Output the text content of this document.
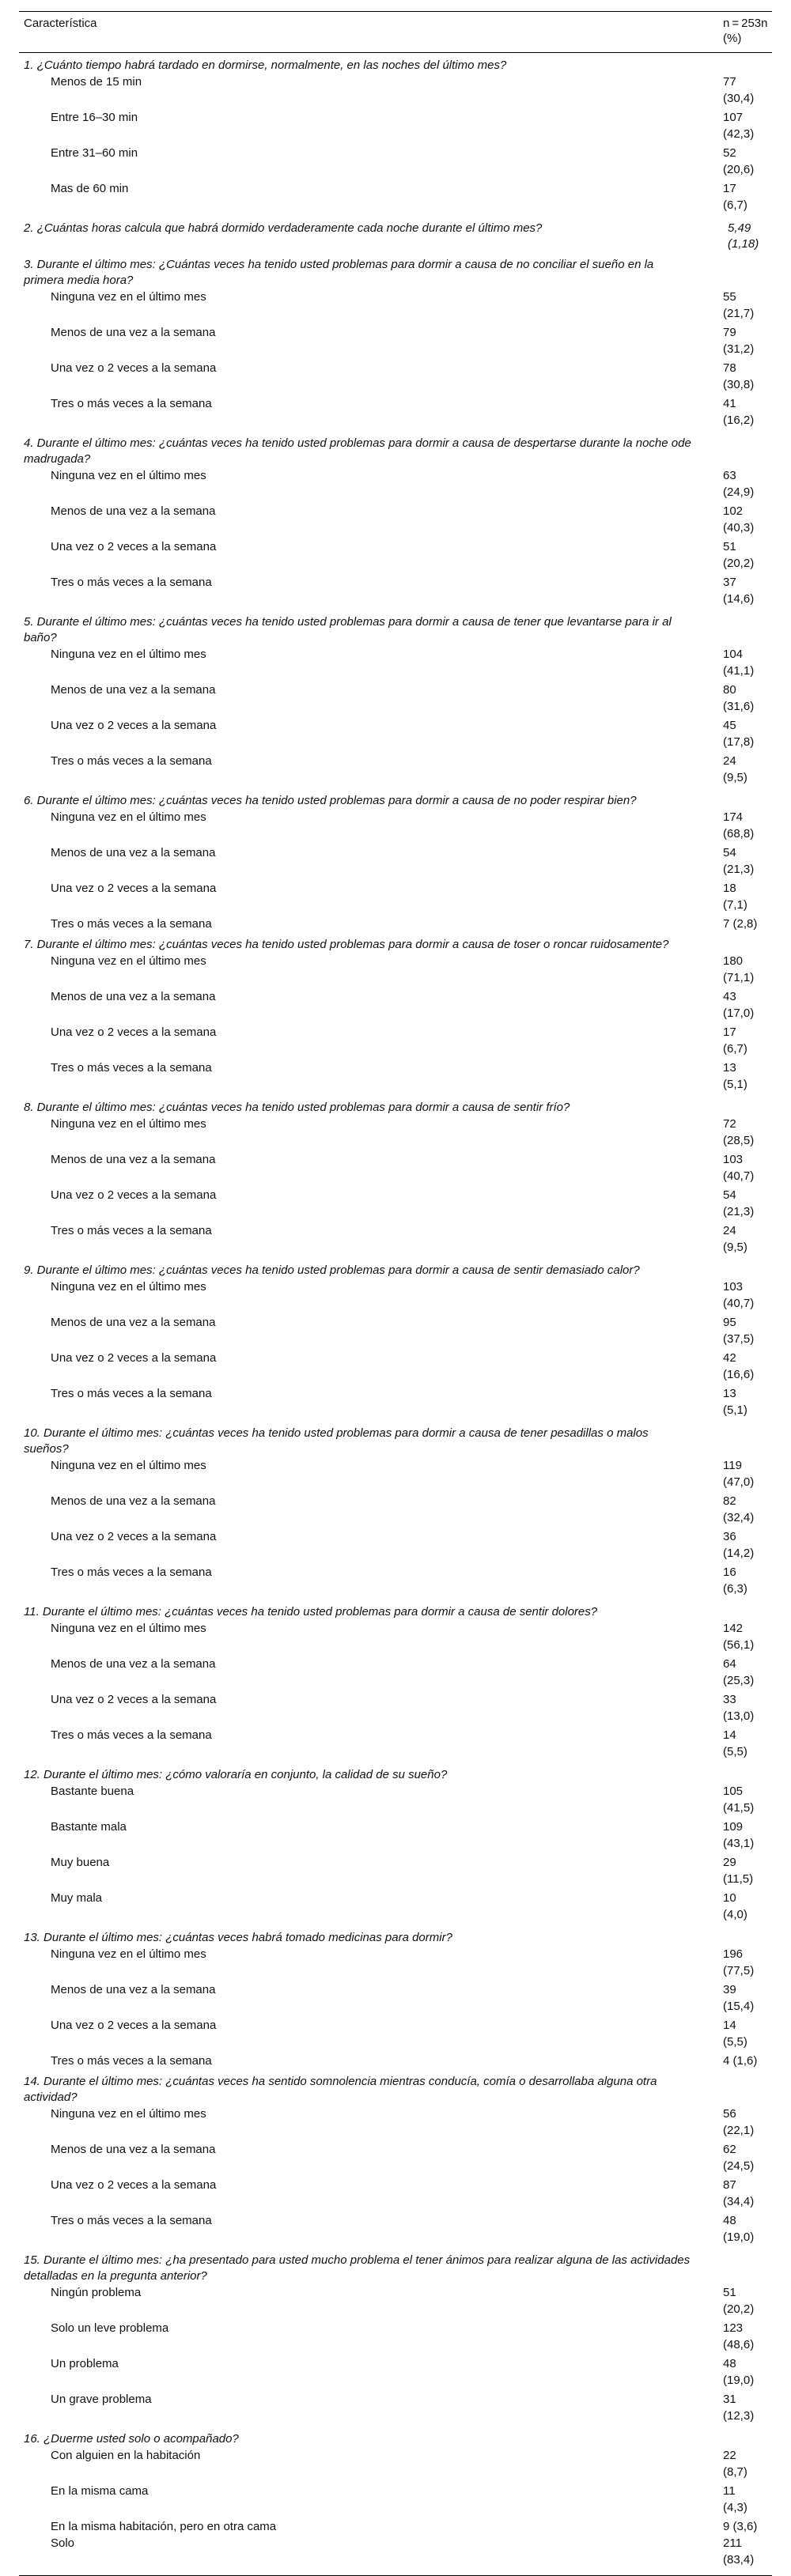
Característica	n = 253n
(%)

1. ¿Cuánto tiempo habrá tardado en dormirse, normalmente, en las noches del último mes?	
Menos de 15 min	77
(30,4)
Entre 16–30 min	107
(42,3)
Entre 31–60 min	52
(20,6)
Mas de 60 min	17
(6,7)
2. ¿Cuántas horas calcula que habrá dormido verdaderamente cada noche durante el último mes?	5,49
(1,18)
3. Durante el último mes: ¿Cuántas veces ha tenido usted problemas para dormir a causa de no conciliar el sueño en la primera media hora?	
Ninguna vez en el último mes	55
(21,7)
Menos de una vez a la semana	79
(31,2)
Una vez o 2 veces a la semana	78
(30,8)
Tres o más veces a la semana	41
(16,2)
4. Durante el último mes: ¿cuántas veces ha tenido usted problemas para dormir a causa de despertarse durante la noche ode madrugada?	
Ninguna vez en el último mes	63
(24,9)
Menos de una vez a la semana	102
(40,3)
Una vez o 2 veces a la semana	51
(20,2)
Tres o más veces a la semana	37
(14,6)
5. Durante el último mes: ¿cuántas veces ha tenido usted problemas para dormir a causa de tener que levantarse para ir al baño?	
Ninguna vez en el último mes	104
(41,1)
Menos de una vez a la semana	80
(31,6)
Una vez o 2 veces a la semana	45
(17,8)
Tres o más veces a la semana	24
(9,5)
6. Durante el último mes: ¿cuántas veces ha tenido usted problemas para dormir a causa de no poder respirar bien?	
Ninguna vez en el último mes	174
(68,8)
Menos de una vez a la semana	54
(21,3)
Una vez o 2 veces a la semana	18
(7,1)
Tres o más veces a la semana	7 (2,8)
7. Durante el último mes: ¿cuántas veces ha tenido usted problemas para dormir a causa de toser o roncar ruidosamente?	
Ninguna vez en el último mes	180
(71,1)
Menos de una vez a la semana	43
(17,0)
Una vez o 2 veces a la semana	17
(6,7)
Tres o más veces a la semana	13
(5,1)
8. Durante el último mes: ¿cuántas veces ha tenido usted problemas para dormir a causa de sentir frío?	
Ninguna vez en el último mes	72
(28,5)
Menos de una vez a la semana	103
(40,7)
Una vez o 2 veces a la semana	54
(21,3)
Tres o más veces a la semana	24
(9,5)
9. Durante el último mes: ¿cuántas veces ha tenido usted problemas para dormir a causa de sentir demasiado calor?	
Ninguna vez en el último mes	103
(40,7)
Menos de una vez a la semana	95
(37,5)
Una vez o 2 veces a la semana	42
(16,6)
Tres o más veces a la semana	13
(5,1)
10. Durante el último mes: ¿cuántas veces ha tenido usted problemas para dormir a causa de tener pesadillas o malos sueños?	
Ninguna vez en el último mes	119
(47,0)
Menos de una vez a la semana	82
(32,4)
Una vez o 2 veces a la semana	36
(14,2)
Tres o más veces a la semana	16
(6,3)
11. Durante el último mes: ¿cuántas veces ha tenido usted problemas para dormir a causa de sentir dolores?	
Ninguna vez en el último mes	142
(56,1)
Menos de una vez a la semana	64
(25,3)
Una vez o 2 veces a la semana	33
(13,0)
Tres o más veces a la semana	14
(5,5)
12. Durante el último mes: ¿cómo valoraría en conjunto, la calidad de su sueño?	
Bastante buena	105
(41,5)
Bastante mala	109
(43,1)
Muy buena	29
(11,5)
Muy mala	10
(4,0)
13. Durante el último mes: ¿cuántas veces habrá tomado medicinas para dormir?	
Ninguna vez en el último mes	196
(77,5)
Menos de una vez a la semana	39
(15,4)
Una vez o 2 veces a la semana	14
(5,5)
Tres o más veces a la semana	4 (1,6)
14. Durante el último mes: ¿cuántas veces ha sentido somnolencia mientras conducía, comía o desarrollaba alguna otra actividad?	
Ninguna vez en el último mes	56
(22,1)
Menos de una vez a la semana	62
(24,5)
Una vez o 2 veces a la semana	87
(34,4)
Tres o más veces a la semana	48
(19,0)
15. Durante el último mes: ¿ha presentado para usted mucho problema el tener ánimos para realizar alguna de las actividades detalladas en la pregunta anterior?	
Ningún problema	51
(20,2)
Solo un leve problema	123
(48,6)
Un problema	48
(19,0)
Un grave problema	31
(12,3)
16. ¿Duerme usted solo o acompañado?	
Con alguien en la habitación	22
(8,7)
En la misma cama	11
(4,3)
En la misma habitación, pero en otra cama	9 (3,6)
Solo	211
(83,4)
